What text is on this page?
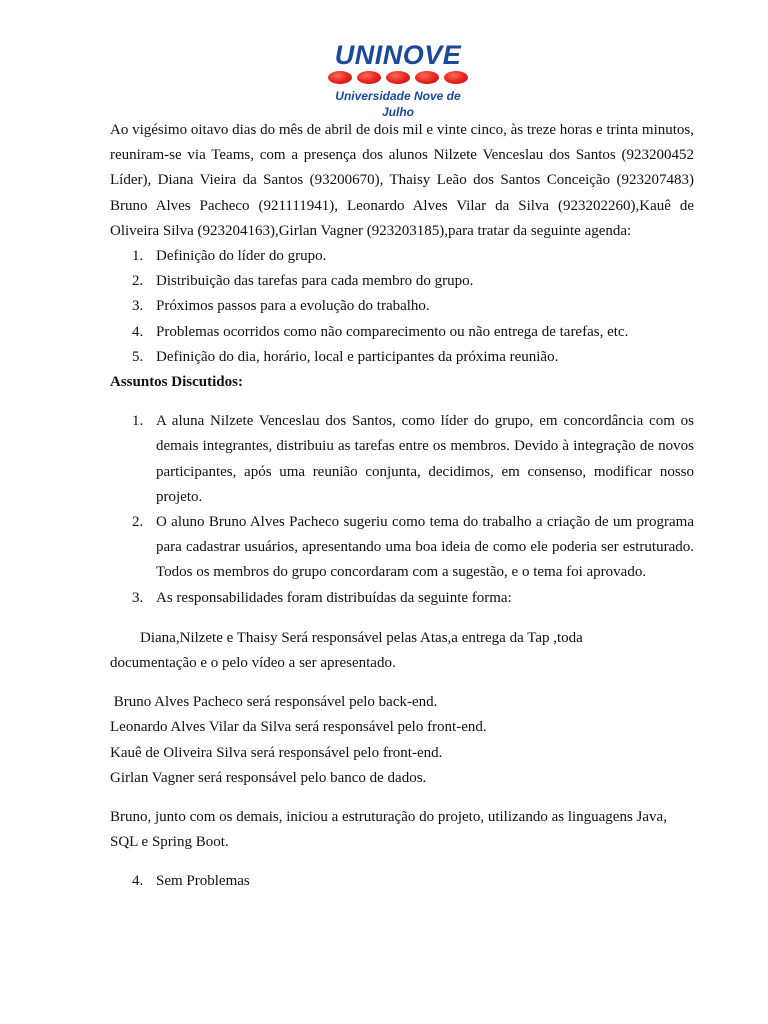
UNINOVE
Universidade Nove de Julho

Ao vigésimo oitavo dias do mês de abril de dois mil e vinte cinco, às treze horas e trinta minutos, reuniram-se via Teams, com a presença dos alunos Nilzete Venceslau dos Santos (923200452 Líder), Diana Vieira da Santos (93200670), Thaisy Leão dos Santos Conceição (923207483) Bruno Alves Pacheco (921111941), Leonardo Alves Vilar da Silva (923202260),Kauê de Oliveira Silva (923204163),Girlan Vagner (923203185),para tratar da seguinte agenda:

1. Definição do líder do grupo.
2. Distribuição das tarefas para cada membro do grupo.
3. Próximos passos para a evolução do trabalho.
4. Problemas ocorridos como não comparecimento ou não entrega de tarefas, etc.
5. Definição do dia, horário, local e participantes da próxima reunião.

Assuntos Discutidos:

1. A aluna Nilzete Venceslau dos Santos, como líder do grupo, em concordância com os demais integrantes, distribuiu as tarefas entre os membros. Devido à integração de novos participantes, após uma reunião conjunta, decidimos, em consenso, modificar nosso projeto.
2. O aluno Bruno Alves Pacheco sugeriu como tema do trabalho a criação de um programa para cadastrar usuários, apresentando uma boa ideia de como ele poderia ser estruturado. Todos os membros do grupo concordaram com a sugestão, e o tema foi aprovado.
3. As responsabilidades foram distribuídas da seguinte forma:

Diana,Nilzete e Thaisy Será responsável pelas Atas,a entrega da Tap ,toda documentação e o pelo vídeo a ser apresentado.

Bruno Alves Pacheco será responsável pelo back-end.

Leonardo Alves Vilar da Silva será responsável pelo front-end.

Kauê de Oliveira Silva será responsável pelo front-end.

Girlan Vagner será responsável pelo banco de dados.

Bruno, junto com os demais, iniciou a estruturação do projeto, utilizando as linguagens Java, SQL e Spring Boot.

4. Sem Problemas
